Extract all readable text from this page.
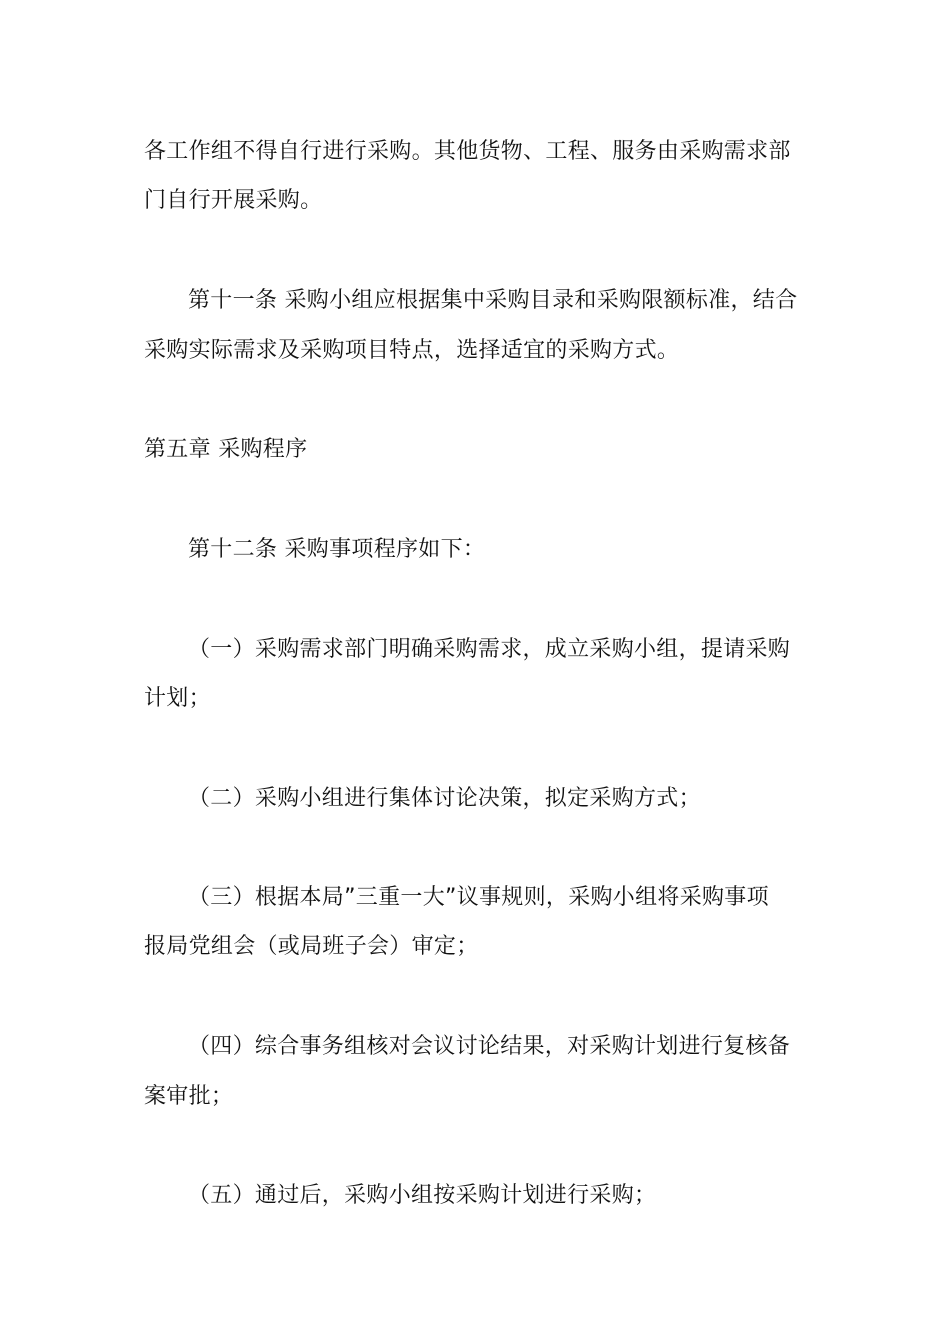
各工作组不得自行进行采购。其他货物、工程、服务由采购需求部
门自行开展采购。
第十一条 采购小组应根据集中采购目录和采购限额标准，结合
采购实际需求及采购项目特点，选择适宜的采购方式。
第五章 采购程序
第十二条 采购事项程序如下：
（一）采购需求部门明确采购需求，成立采购小组，提请采购
计划；
（二）采购小组进行集体讨论决策，拟定采购方式；
（三）根据本局”三重一大”议事规则，采购小组将采购事项
报局党组会（或局班子会）审定；
（四）综合事务组核对会议讨论结果，对采购计划进行复核备
案审批；
（五）通过后，采购小组按采购计划进行采购；
